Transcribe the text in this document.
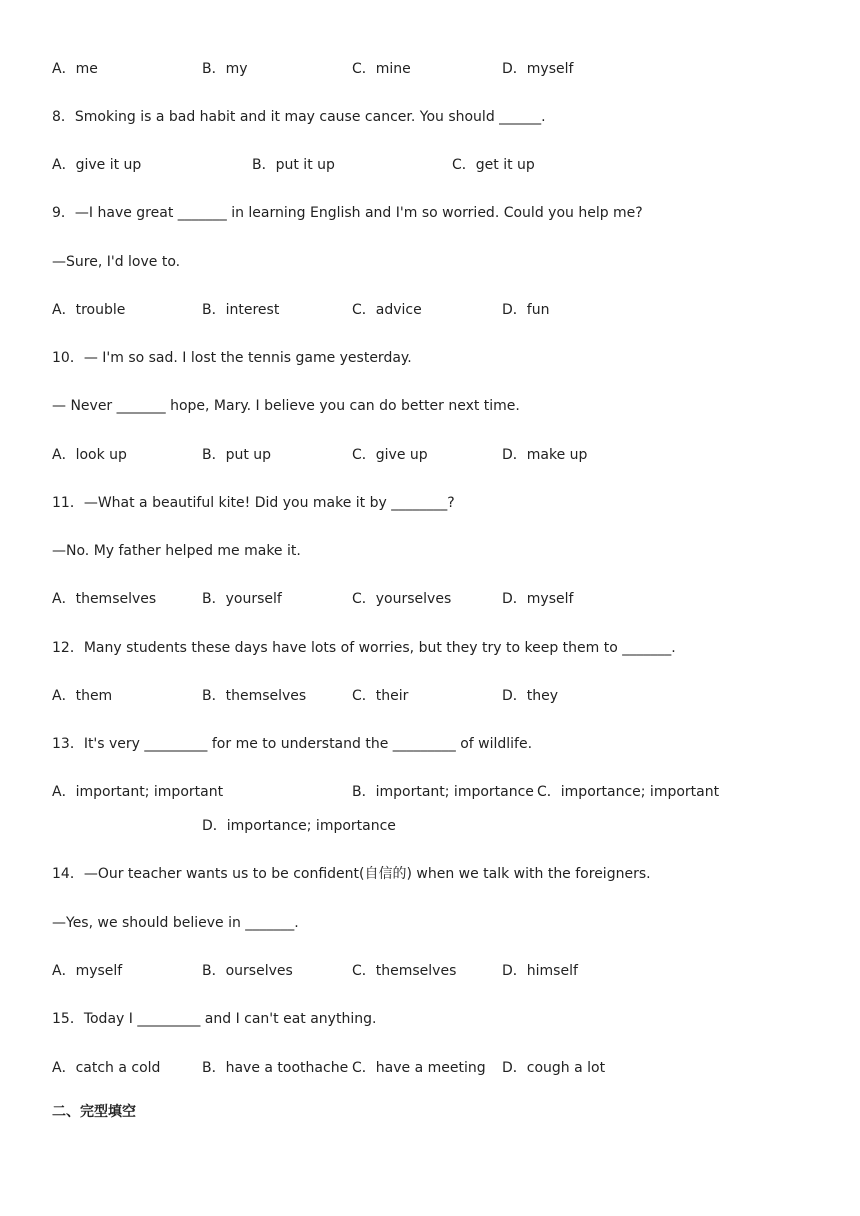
A．me	B．my	C．mine	D．myself
8．Smoking is a bad habit and it may cause cancer. You should ______.
A．give it up	B．put it up	C．get it up
9．—I have great _______ in learning English and I'm so worried. Could you help me?
—Sure, I'd love to.
A．trouble	B．interest	C．advice	D．fun
10．— I'm so sad. I lost the tennis game yesterday.
— Never _______ hope, Mary. I believe you can do better next time.
A．look up	B．put up	C．give up	D．make up
11．—What a beautiful kite! Did you make it by ________?
—No. My father helped me make it.
A．themselves	B．yourself	C．yourselves	D．myself
12．Many students these days have lots of worries, but they try to keep them to _______.
A．them	B．themselves	C．their	D．they
13．It's very _________ for me to understand the _________ of wildlife.
A．important; important	B．important; importance C．importance; important
D．importance; importance
14．—Our teacher wants us to be confident(自信的) when we talk with the foreigners.
—Yes, we should believe in _______.
A．myself	B．ourselves	C．themselves	D．himself
15．Today I _________ and I can't eat anything.
A．catch a cold	B．have a toothache C．have a meeting D．cough a lot
二、完型填空
